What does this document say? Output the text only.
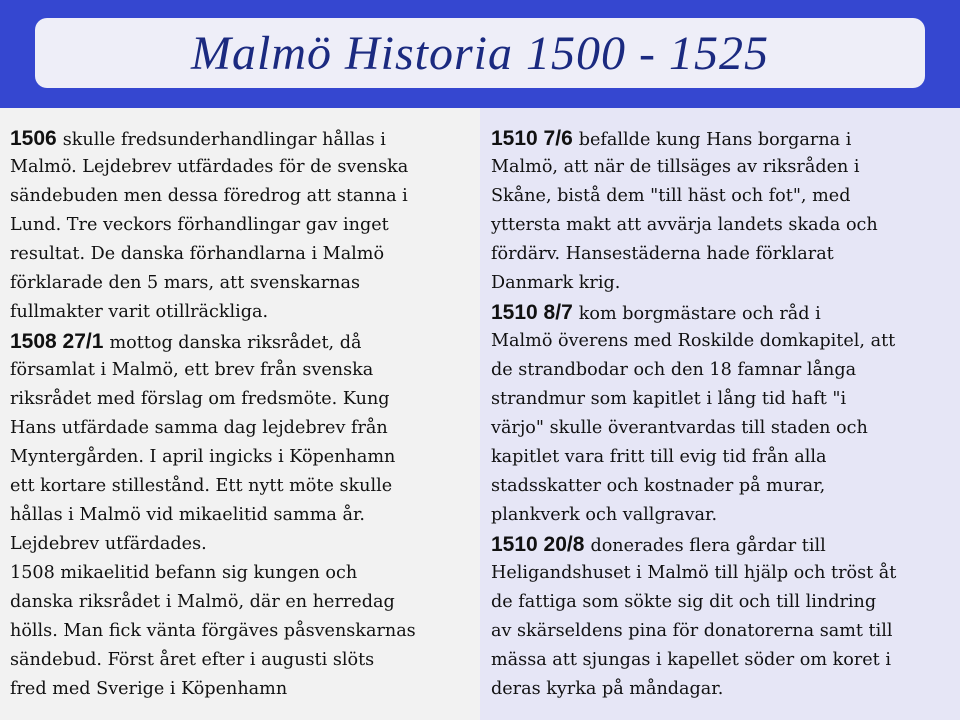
Malmö Historia 1500 - 1525
1506 skulle fredsunderhandlingar hållas i
Malmö. Lejdebrev utfärdades för de svenska
sändebuden men dessa föredrog att stanna i
Lund. Tre veckors förhandlingar gav inget
resultat. De danska förhandlarna i Malmö
förklarade den 5 mars, att svenskarnas
fullmakter varit otillräckliga.
1508 27/1 mottog danska riksrådet, då
församlat i Malmö, ett brev från svenska
riksrådet med förslag om fredsmöte. Kung
Hans utfärdade samma dag lejdebrev från
Myntergården. I april ingicks i Köpenhamn
ett kortare stillestånd. Ett nytt möte skulle
hållas i Malmö vid mikaelitid samma år.
Lejdebrev utfärdades.
1508 mikaelitid befann sig kungen och
danska riksrådet i Malmö, där en herredag
hölls. Man fick vänta förgäves påsvenskarnas
sändebud. Först året efter i augusti slöts
fred med Sverige i Köpenhamn
1510 7/6 befallde kung Hans borgarna i
Malmö, att när de tillsäges av riksråden i
Skåne, bistå dem "till häst och fot", med
yttersta makt att avvärja landets skada och
fördärv. Hansestäderna hade förklarat
Danmark krig.
1510 8/7 kom borgmästare och råd i
Malmö överens med Roskilde domkapitel, att
de strandbodar och den 18 famnar långa
strandmur som kapitlet i lång tid haft "i
värjo" skulle överantvardas till staden och
kapitlet vara fritt till evig tid från alla
stadsskatter och kostnader på murar,
plankverk och vallgravar.
1510 20/8 donerades flera gårdar till
Heligandshuset i Malmö till hjälp och tröst åt
de fattiga som sökte sig dit och till lindring
av skärseldens pina för donatorerna samt till
mässa att sjungas i kapellet söder om koret i
deras kyrka på måndagar.
